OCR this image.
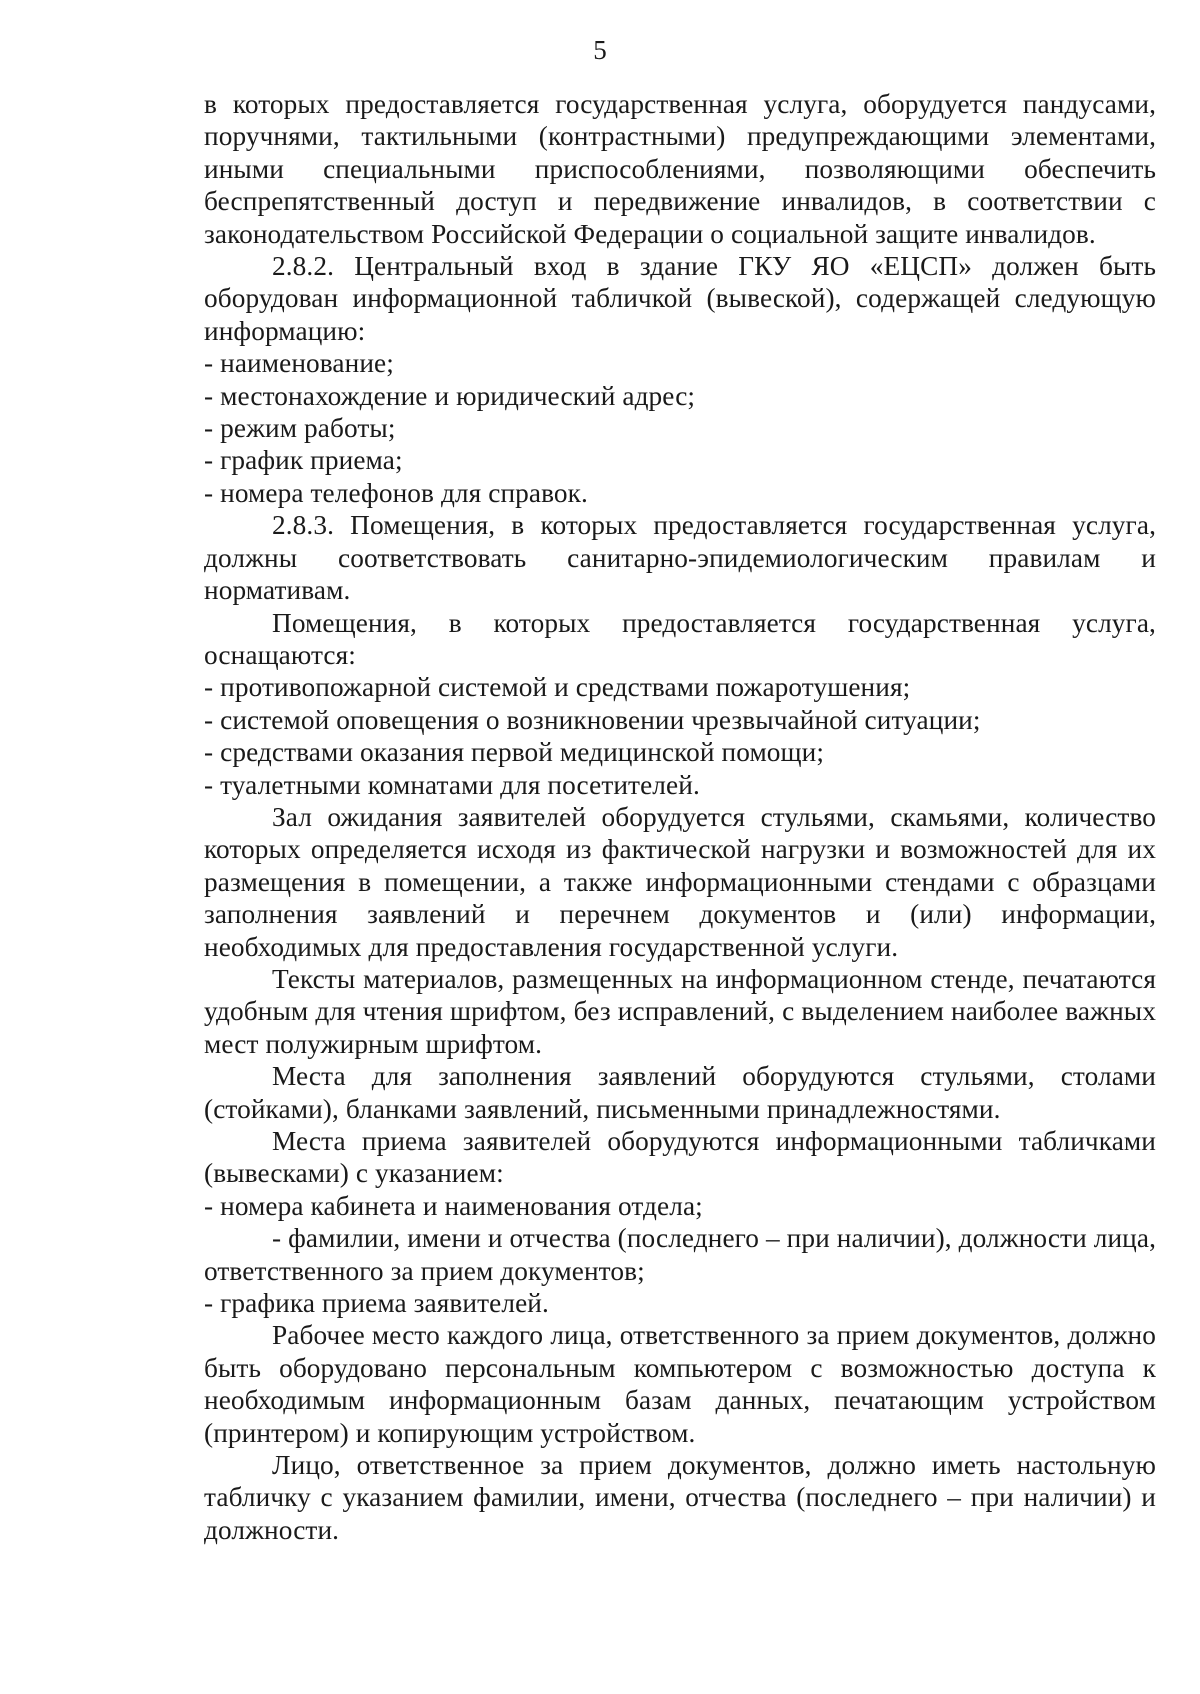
5

в которых предоставляется государственная услуга, оборудуется пандусами, поручнями, тактильными (контрастными) предупреждающими элементами, иными специальными приспособлениями, позволяющими обеспечить беспрепятственный доступ и передвижение инвалидов, в соответствии с законодательством Российской Федерации о социальной защите инвалидов.

2.8.2. Центральный вход в здание ГКУ ЯО «ЕЦСП» должен быть оборудован информационной табличкой (вывеской), содержащей следующую информацию:

- наименование;

- местонахождение и юридический адрес;

- режим работы;

- график приема;

- номера телефонов для справок.

2.8.3. Помещения, в которых предоставляется государственная услуга, должны соответствовать санитарно-эпидемиологическим правилам и нормативам.

Помещения, в которых предоставляется государственная услуга, оснащаются:

- противопожарной системой и средствами пожаротушения;

- системой оповещения о возникновении чрезвычайной ситуации;

- средствами оказания первой медицинской помощи;

- туалетными комнатами для посетителей.

Зал ожидания заявителей оборудуется стульями, скамьями, количество которых определяется исходя из фактической нагрузки и возможностей для их размещения в помещении, а также информационными стендами с образцами заполнения заявлений и перечнем документов и (или) информации, необходимых для предоставления государственной услуги.

Тексты материалов, размещенных на информационном стенде, печатаются удобным для чтения шрифтом, без исправлений, с выделением наиболее важных мест полужирным шрифтом.

Места для заполнения заявлений оборудуются стульями, столами (стойками), бланками заявлений, письменными принадлежностями.

Места приема заявителей оборудуются информационными табличками (вывесками) с указанием:

- номера кабинета и наименования отдела;

- фамилии, имени и отчества (последнего – при наличии), должности лица, ответственного за прием документов;

- графика приема заявителей.

Рабочее место каждого лица, ответственного за прием документов, должно быть оборудовано персональным компьютером с возможностью доступа к необходимым информационным базам данных, печатающим устройством (принтером) и копирующим устройством.

Лицо, ответственное за прием документов, должно иметь настольную табличку с указанием фамилии, имени, отчества (последнего – при наличии) и должности.
